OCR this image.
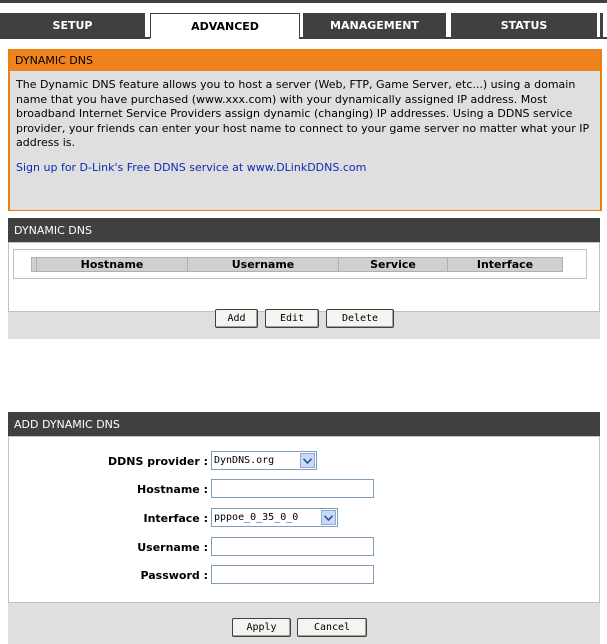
SETUP	ADVANCED	MANAGEMENT	STATUS
DYNAMIC DNS

The Dynamic DNS feature allows you to host a server (Web, FTP, Game Server, etc...) using a domain name that you have purchased (www.xxx.com) with your dynamically assigned IP address. Most broadband Internet Service Providers assign dynamic (changing) IP addresses. Using a DDNS service provider, your friends can enter your host name to connect to your game server no matter what your IP address is.

Sign up for D-Link's Free DDNS service at www.DLinkDDNS.com
DYNAMIC DNS
Hostname	Username	Service	Interface
Add	Edit	Delete
ADD DYNAMIC DNS
DDNS provider : DynDNS.org
Hostname :
Interface : pppoe_0_35_0_0
Username :
Password :
Apply	Cancel
